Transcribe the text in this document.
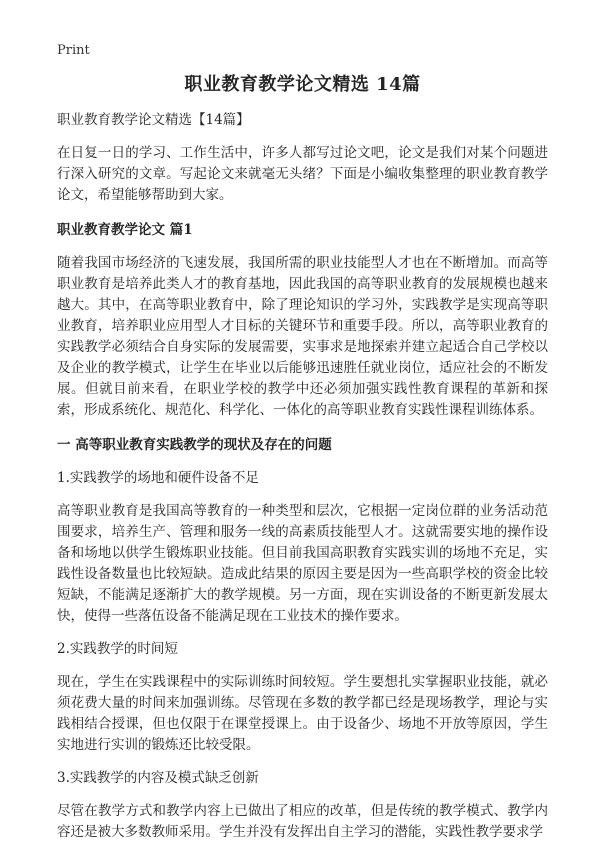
Print
职业教育教学论文精选 14篇
职业教育教学论文精选【14篇】

在日复一日的学习、工作生活中，许多人都写过论文吧，论文是我们对某个问题进行深入研究的文章。写起论文来就毫无头绪？下面是小编收集整理的职业教育教学论文，希望能够帮助到大家。

职业教育教学论文 篇1

随着我国市场经济的飞速发展，我国所需的职业技能型人才也在不断增加。而高等职业教育是培养此类人才的教育基地，因此我国的高等职业教育的发展规模也越来越大。其中，在高等职业教育中，除了理论知识的学习外，实践教学是实现高等职业教育，培养职业应用型人才目标的关键环节和重要手段。所以，高等职业教育的实践教学必须结合自身实际的发展需要，实事求是地探索并建立起适合自己学校以及企业的教学模式，让学生在毕业以后能够迅速胜任就业岗位，适应社会的不断发展。但就目前来看，在职业学校的教学中还必须加强实践性教育课程的革新和探索，形成系统化、规范化、科学化、一体化的高等职业教育实践性课程训练体系。

一 高等职业教育实践教学的现状及存在的问题

1.实践教学的场地和硬件设备不足

高等职业教育是我国高等教育的一种类型和层次，它根据一定岗位群的业务活动范围要求，培养生产、管理和服务一线的高素质技能型人才。这就需要实地的操作设备和场地以供学生锻炼职业技能。但目前我国高职教育实践实训的场地不充足，实践性设备数量也比较短缺。造成此结果的原因主要是因为一些高职学校的资金比较短缺，不能满足逐渐扩大的教学规模。另一方面，现在实训设备的不断更新发展太快，使得一些落伍设备不能满足现在工业技术的操作要求。

2.实践教学的时间短

现在，学生在实践课程中的实际训练时间较短。学生要想扎实掌握职业技能，就必须花费大量的时间来加强训练。尽管现在多数的教学都已经是现场教学，理论与实践相结合授课，但也仅限于在课堂授课上。由于设备少、场地不开放等原因，学生实地进行实训的锻炼还比较受限。

3.实践教学的内容及模式缺乏创新

尽管在教学方式和教学内容上已做出了相应的改革，但是传统的教学模式、教学内容还是被大多数教师采用。学生并没有发挥出自主学习的潜能，实践性教学要求学
